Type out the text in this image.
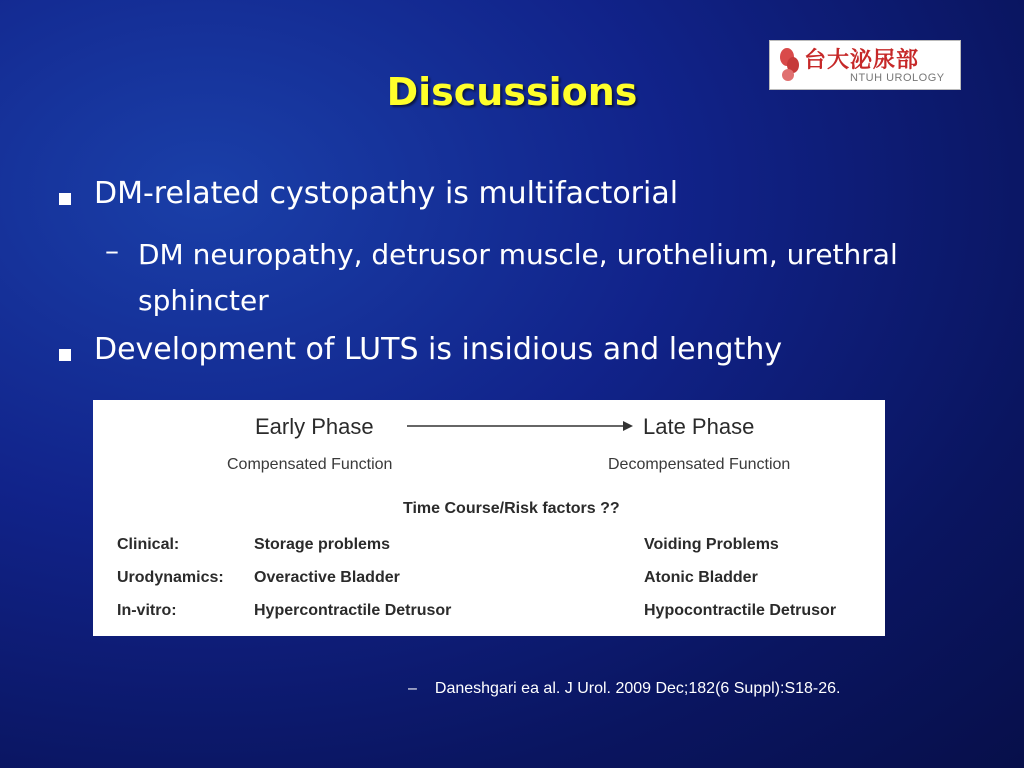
台大泌尿部
NTUH UROLOGY
Discussions
DM-related cystopathy is multifactorial
– DM neuropathy, detrusor muscle, urothelium, urethral sphincter
Development of LUTS is insidious and lengthy
Early Phase	Late Phase
Compensated Function	Decompensated Function
Time Course/Risk factors ??
Clinical:	Storage problems	Voiding Problems
Urodynamics: Overactive Bladder	Atonic Bladder
In-vitro:	Hypercontractile Detrusor	Hypocontractile Detrusor
– Daneshgari ea al. J Urol. 2009 Dec;182(6 Suppl):S18-26.
